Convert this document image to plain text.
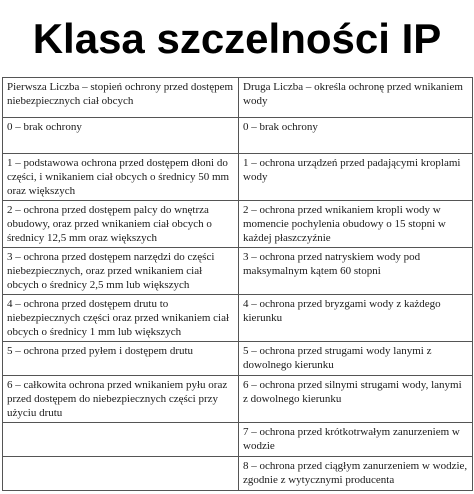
Klasa szczelności IP
Pierwsza Liczba – stopień ochrony przed dostępem niebezpiecznych ciał obcych	Druga Liczba – określa ochronę przed wnikaniem wody
0 – brak ochrony	0 – brak ochrony
1 – podstawowa ochrona przed dostępem dłoni do części, i wnikaniem ciał obcych o średnicy 50 mm oraz większych	1 – ochrona urządzeń przed padającymi kroplami wody
2 – ochrona przed dostępem palcy do wnętrza obudowy, oraz przed wnikaniem ciał obcych o średnicy 12,5 mm oraz większych	2 – ochrona przed wnikaniem kropli wody w momencie pochylenia obudowy o 15 stopni w każdej płaszczyźnie
3 – ochrona przed dostępem narzędzi do części niebezpiecznych, oraz przed wnikaniem ciał obcych o średnicy 2,5 mm lub większych	3 – ochrona przed natryskiem wody pod maksymalnym kątem 60 stopni
4 – ochrona przed dostępem drutu to niebezpiecznych części oraz przed wnikaniem ciał obcych o średnicy 1 mm lub większych	4 – ochrona przed bryzgami wody z każdego kierunku
5 – ochrona przed pyłem i dostępem drutu	5 – ochrona przed strugami wody lanymi z dowolnego kierunku
6 – całkowita ochrona przed wnikaniem pyłu oraz przed dostępem do niebezpiecznych części przy użyciu drutu	6 – ochrona przed silnymi strugami wody, lanymi z dowolnego kierunku
	7 – ochrona przed krótkotrwałym zanurzeniem w wodzie
	8 – ochrona przed ciągłym zanurzeniem w wodzie, zgodnie z wytycznymi producenta
